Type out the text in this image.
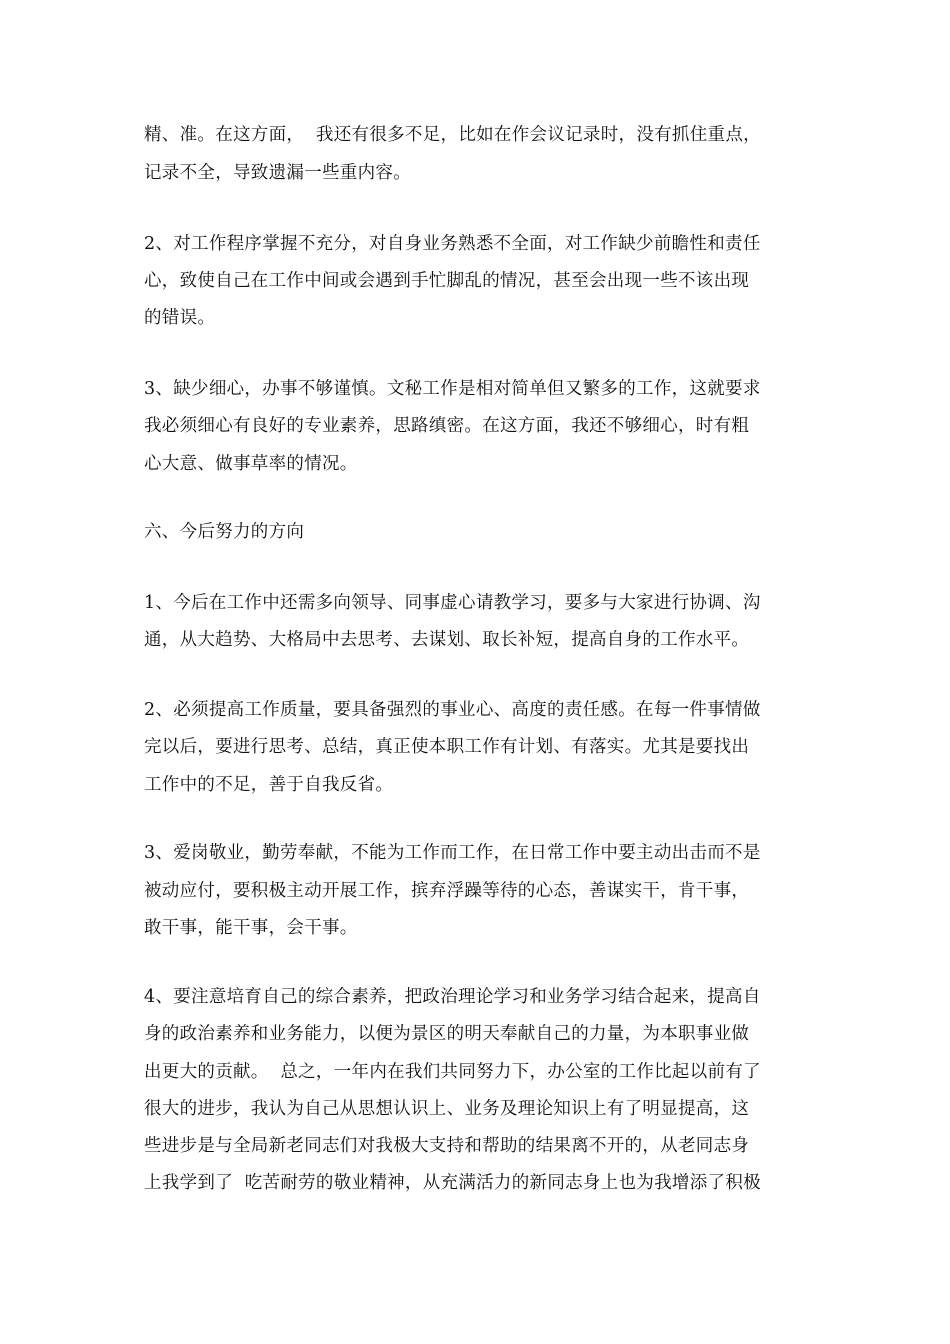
精、准。在这方面，  我还有很多不足，比如在作会议记录时，没有抓住重点，
记录不全，导致遗漏一些重内容。
2、对工作程序掌握不充分，对自身业务熟悉不全面，对工作缺少前瞻性和责任
心，致使自己在工作中间或会遇到手忙脚乱的情况，甚至会出现一些不该出现
的错误。
3、缺少细心，办事不够谨慎。文秘工作是相对简单但又繁多的工作，这就要求
我必须细心有良好的专业素养，思路缜密。在这方面，我还不够细心，时有粗
心大意、做事草率的情况。
六、今后努力的方向
1、今后在工作中还需多向领导、同事虚心请教学习，要多与大家进行协调、沟
通，从大趋势、大格局中去思考、去谋划、取长补短，提高自身的工作水平。
2、必须提高工作质量，要具备强烈的事业心、高度的责任感。在每一件事情做
完以后，要进行思考、总结，真正使本职工作有计划、有落实。尤其是要找出
工作中的不足，善于自我反省。
3、爱岗敬业，勤劳奉献，不能为工作而工作，在日常工作中要主动出击而不是
被动应付，要积极主动开展工作，摈弃浮躁等待的心态，善谋实干，肯干事，
敢干事，能干事，会干事。
4、要注意培育自己的综合素养，把政治理论学习和业务学习结合起来，提高自
身的政治素养和业务能力，以便为景区的明天奉献自己的力量，为本职事业做
出更大的贡献。  总之，一年内在我们共同努力下，办公室的工作比起以前有了
很大的进步，我认为自己从思想认识上、业务及理论知识上有了明显提高，这
些进步是与全局新老同志们对我极大支持和帮助的结果离不开的，从老同志身
上我学到了  吃苦耐劳的敬业精神，从充满活力的新同志身上也为我增添了积极
